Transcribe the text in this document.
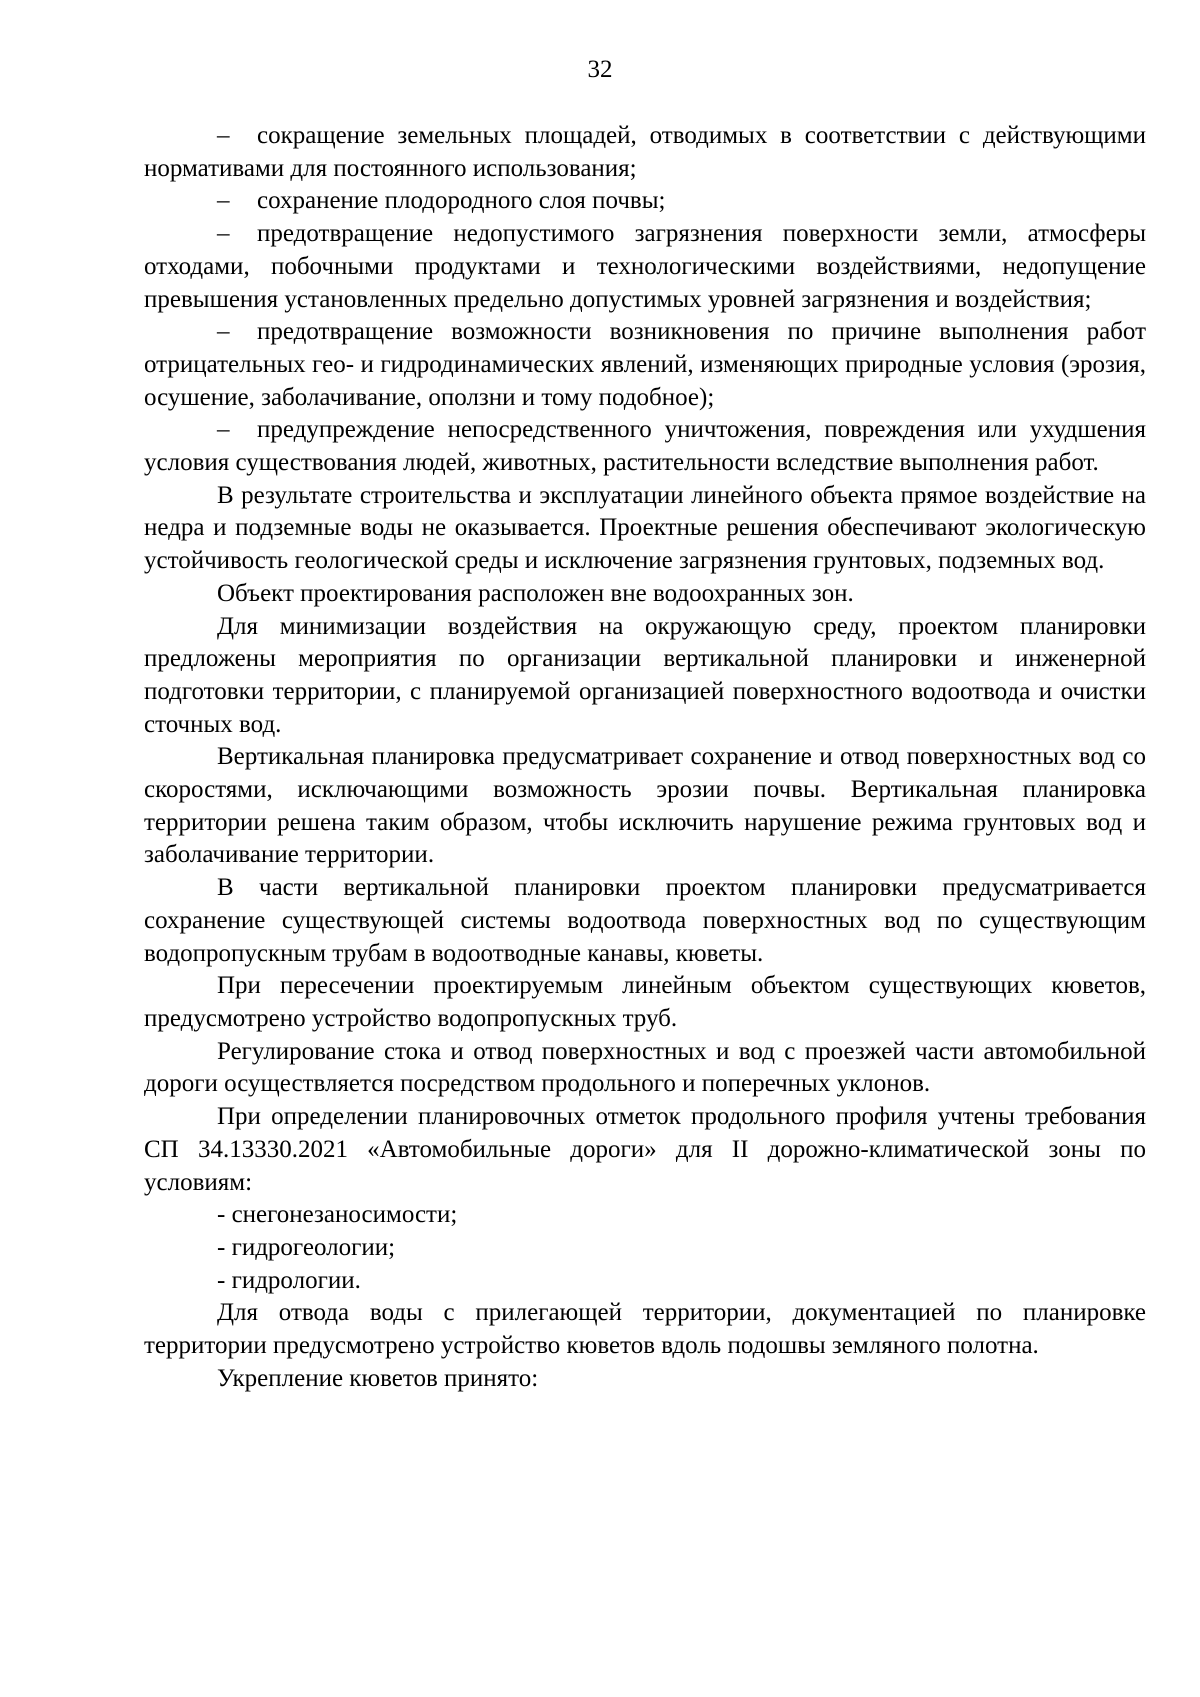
32

– сокращение земельных площадей, отводимых в соответствии с действующими нормативами для постоянного использования;

– сохранение плодородного слоя почвы;

– предотвращение недопустимого загрязнения поверхности земли, атмосферы отходами, побочными продуктами и технологическими воздействиями, недопущение превышения установленных предельно допустимых уровней загрязнения и воздействия;

– предотвращение возможности возникновения по причине выполнения работ отрицательных гео- и гидродинамических явлений, изменяющих природные условия (эрозия, осушение, заболачивание, оползни и тому подобное);

– предупреждение непосредственного уничтожения, повреждения или ухудшения условия существования людей, животных, растительности вследствие выполнения работ.

В результате строительства и эксплуатации линейного объекта прямое воздействие на недра и подземные воды не оказывается. Проектные решения обеспечивают экологическую устойчивость геологической среды и исключение загрязнения грунтовых, подземных вод.

Объект проектирования расположен вне водоохранных зон.

Для минимизации воздействия на окружающую среду, проектом планировки предложены мероприятия по организации вертикальной планировки и инженерной подготовки территории, с планируемой организацией поверхностного водоотвода и очистки сточных вод.

Вертикальная планировка предусматривает сохранение и отвод поверхностных вод со скоростями, исключающими возможность эрозии почвы. Вертикальная планировка территории решена таким образом, чтобы исключить нарушение режима грунтовых вод и заболачивание территории.

В части вертикальной планировки проектом планировки предусматривается сохранение существующей системы водоотвода поверхностных вод по существующим водопропускным трубам в водоотводные канавы, кюветы.

При пересечении проектируемым линейным объектом существующих кюветов, предусмотрено устройство водопропускных труб.

Регулирование стока и отвод поверхностных и вод с проезжей части автомобильной дороги осуществляется посредством продольного и поперечных уклонов.

При определении планировочных отметок продольного профиля учтены требования СП 34.13330.2021 «Автомобильные дороги» для II дорожно-климатической зоны по условиям:

- снегонезаносимости;

- гидрогеологии;

- гидрологии.

Для отвода воды с прилегающей территории, документацией по планировке территории предусмотрено устройство кюветов вдоль подошвы земляного полотна.

Укрепление кюветов принято:
